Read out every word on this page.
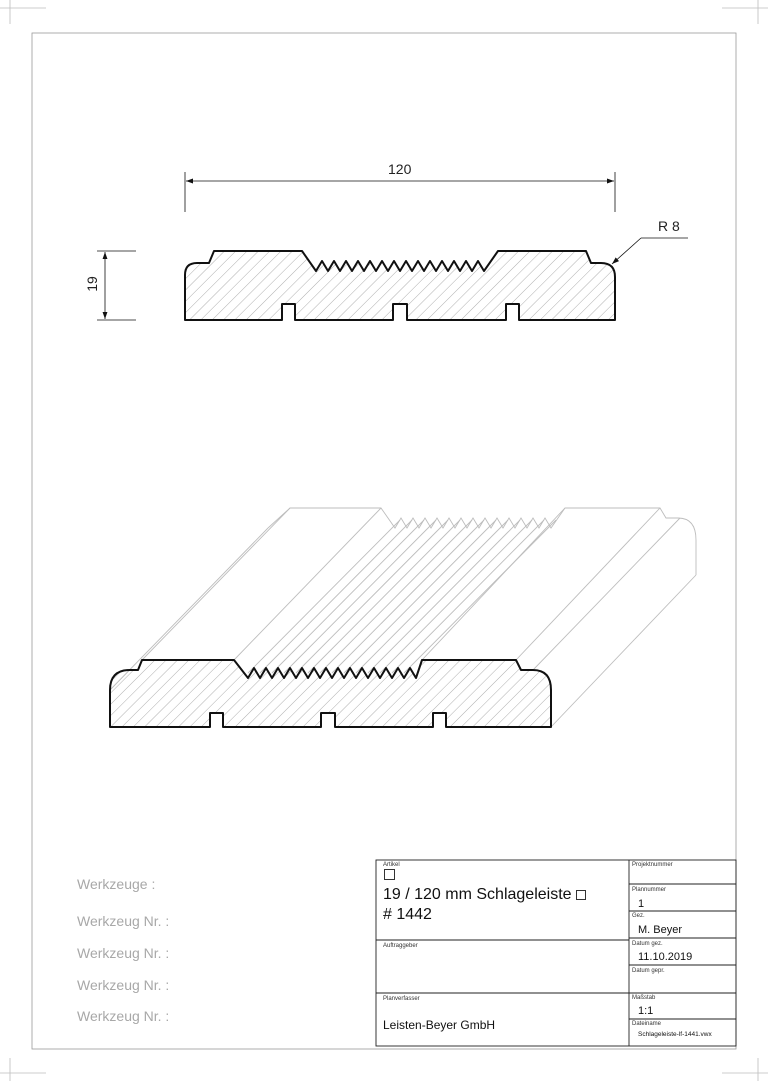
120
19
R 8
Werkzeuge :
Werkzeug Nr. :
Werkzeug Nr. :
Werkzeug Nr. :
Werkzeug Nr. :
Artikel
19 / 120 mm Schlageleiste
# 1442
Auftraggeber
Planverfasser
Leisten-Beyer GmbH
Projektnummer
Plannummer
1
Gez.
M. Beyer
Datum gez.
11.10.2019
Datum gepr.
Maßstab
1:1
Dateiname
Schlageleiste-lf-1441.vwx
